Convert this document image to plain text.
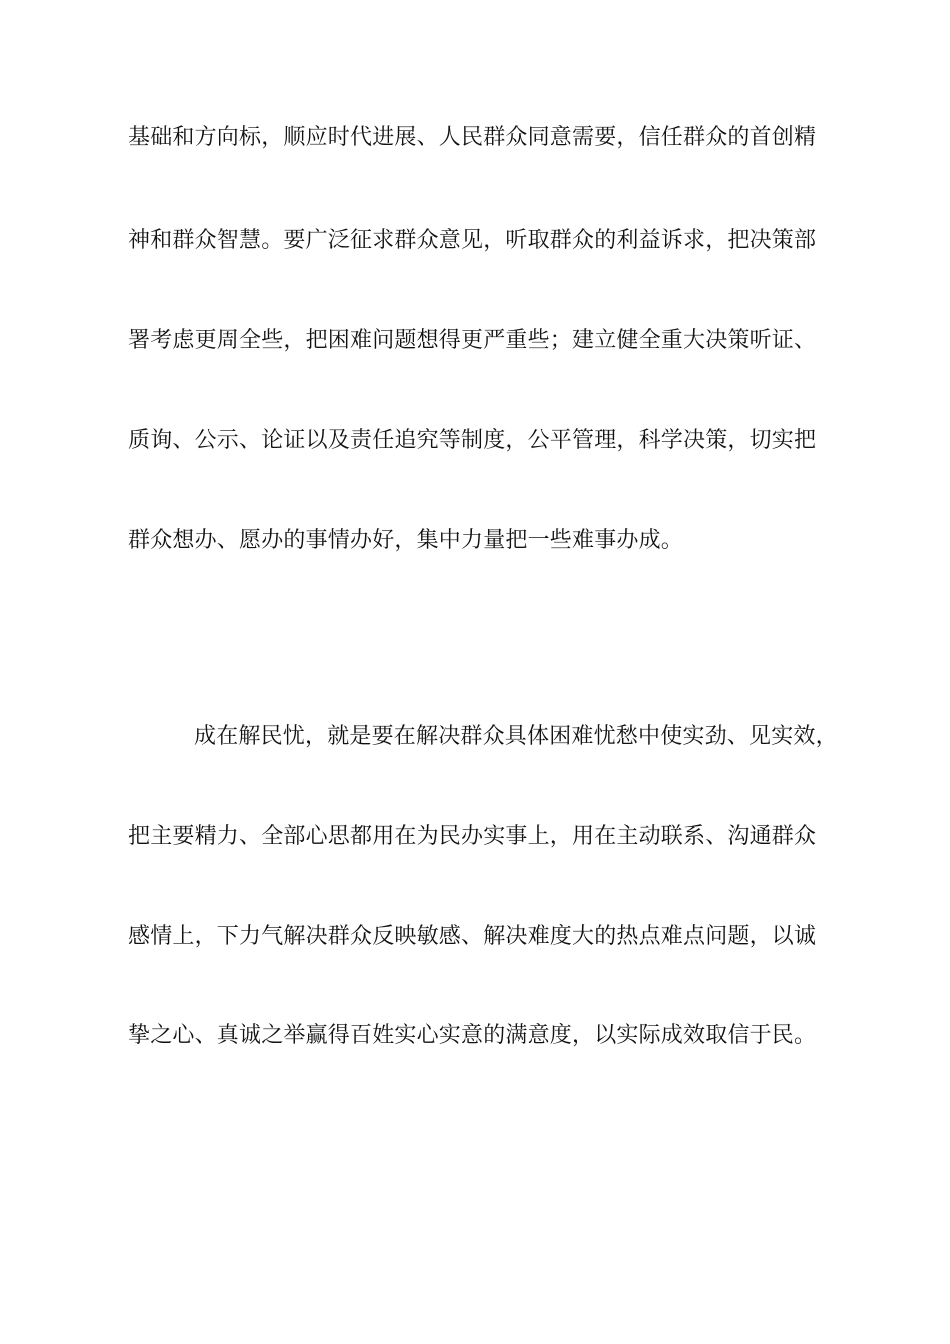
基础和方向标，顺应时代进展、人民群众同意需要，信任群众的首创精
神和群众智慧。要广泛征求群众意见，听取群众的利益诉求，把决策部
署考虑更周全些，把困难问题想得更严重些；建立健全重大决策听证、
质询、公示、论证以及责任追究等制度，公平管理，科学决策，切实把
群众想办、愿办的事情办好，集中力量把一些难事办成。
成在解民忧，就是要在解决群众具体困难忧愁中使实劲、见实效，
把主要精力、全部心思都用在为民办实事上，用在主动联系、沟通群众
感情上，下力气解决群众反映敏感、解决难度大的热点难点问题，以诚
挚之心、真诚之举赢得百姓实心实意的满意度，以实际成效取信于民。
